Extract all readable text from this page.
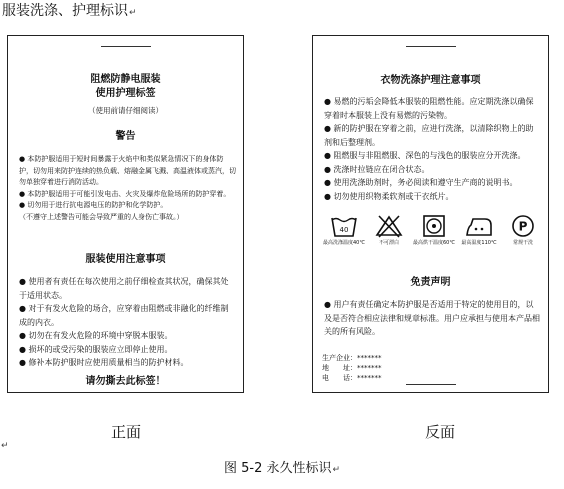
服装洗涤、护理标识↵
阻燃防静电服装
使用护理标签
（使用前请仔细阅读）
警告
● 本防护服适用于短时间暴露于火焰中和类似紧急情况下的身体防护，切勿用来防护连续的热负载、熔融金属飞溅、高温液体或蒸汽，切勿单独穿着进行消防活动。
● 本防护服适用于可能引发电击、火灾及爆炸危险场所的防护穿着。
● 切勿用于进行抗电源电压的防护和化学防护。
（不遵守上述警告可能会导致严重的人身伤亡事故。）
服装使用注意事项
● 使用者有责任在每次使用之前仔细检查其状况，确保其处于适用状态。
● 对于有发火危险的场合，应穿着由阻燃或非融化的纤维制成的内衣。
● 切勿在有发火危险的环境中穿脱本服装。
● 损坏的或受污染的服装应立即停止使用。
● 修补本防护服时应使用质量相当的防护材料。
请勿撕去此标签！
衣物洗涤护理注意事项
● 易燃的污垢会降低本服装的阻燃性能。应定期洗涤以确保穿着时本服装上没有易燃的污染物。
● 新的防护服在穿着之前，应进行洗涤，以清除织物上的助剂和后整理剂。
● 阻燃服与非阻燃服、深色的与浅色的服装应分开洗涤。
● 洗涤时拉链应在闭合状态。
● 使用洗涤助剂时，务必阅读和遵守生产商的说明书。
● 切勿使用织物柔软剂或干衣纸片。
40
最高洗涤温度40℃	不可漂白	最高烘干温度60℃	最高温度110℃
P
常规干洗
免责声明
● 用户有责任确定本防护服是否适用于特定的使用目的，以及是否符合相应法律和规章标准。用户应承担与使用本产品相关的所有风险。
生产企业：*******
地　　址：*******
电　　话：*******
正面	反面
↵
图 5-2 永久性标识↵
